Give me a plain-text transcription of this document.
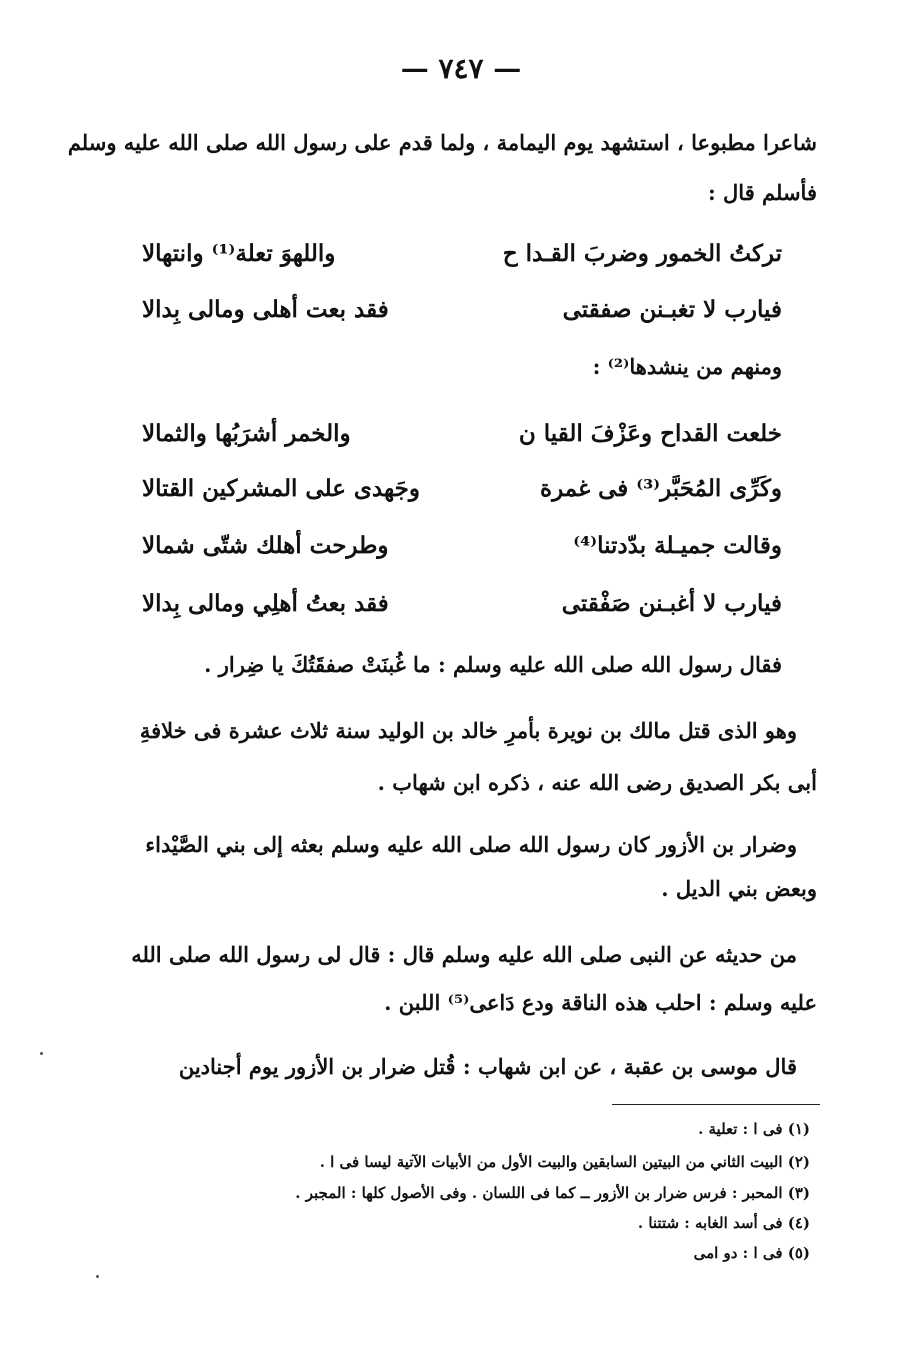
— ٧٤٧ —
شاعرا مطبوعا ، استشهد يوم اليمامة ، ولما قدم على رسول الله صلى الله عليه وسلم
فأسلم قال :
تركتُ الخمور وضربَ القـدا ح
واللهوَ تعلة⁽¹⁾ وانتهالا
فيارب لا تغبـنن صفقتى
فقد بعت أهلى ومالى بِدالا
ومنهم من ينشدها⁽²⁾ :
خلعت القداح وعَزْفَ القيا ن
والخمر أشرَبُها والثمالا
وكَرِّى المُحَبَّر⁽³⁾ فى غمرة
وجَهدى على المشركين القتالا
وقالت جميـلة بدّدتنا⁽⁴⁾
وطرحت أهلك شتّى شمالا
فيارب لا أغبـنن صَفْقتى
فقد بعتُ أهلِي ومالى بِدالا
فقال رسول الله صلى الله عليه وسلم : ما غُبنَتْ صفقَتُكَ يا ضِرار .
وهو الذى قتل مالك بن نويرة بأمرِ خالد بن الوليد سنة ثلاث عشرة فى خلافةِ
أبى بكر الصديق رضى الله عنه ، ذكره ابن شهاب .
وضرار بن الأزور كان رسول الله صلى الله عليه وسلم بعثه إلى بني الصَّيْداء
وبعض بني الديل .
من حديثه عن النبى صلى الله عليه وسلم قال : قال لى رسول الله صلى الله
عليه وسلم : احلب هذه الناقة ودع دَاعى⁽⁵⁾ اللبن .
قال موسى بن عقبة ، عن ابن شهاب : قُتل ضرار بن الأزور يوم أجنادين
(١) فى ا : تعلية .
(٢) البيت الثاني من البيتين السابقين والبيت الأول من الأبيات الآتية ليسا فى ا .
(٣) المحبر : فرس ضرار بن الأزور ــ كما فى اللسان . وفى الأصول كلها : المجبر .
(٤) فى أسد الغابه : شتتنا .
(٥) فى ا : دو امى
